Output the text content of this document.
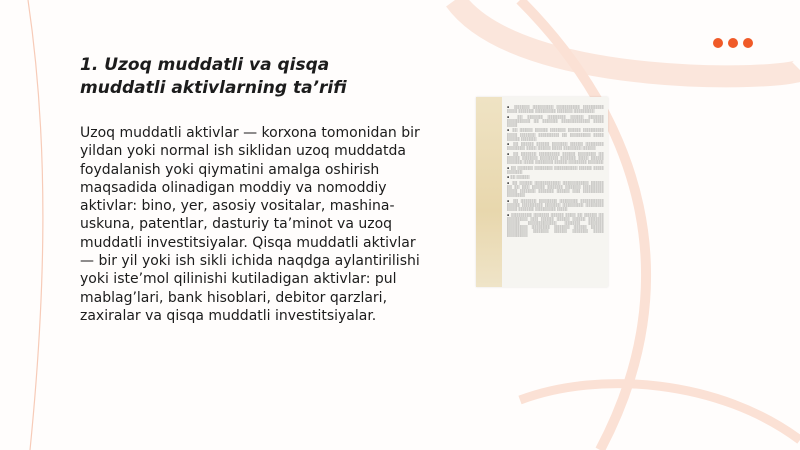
1. Uzoq muddatli va qisqa muddatli aktivlarning ta’rifi

Uzoq muddatli aktivlar — korxona tomonidan bir yildan yoki normal ish siklidan uzoq muddatda foydalanish yoki qiymatini amalga oshirish maqsadida olinadigan moddiy va nomoddiy aktivlar: bino, yer, asosiy vositalar, mashina-uskuna, patentlar, dasturiy ta’minot va uzoq muddatli investitsiyalar. Qisqa muddatli aktivlar — bir yil yoki ish sikli ichida naqdga aylantirilishi yoki iste’mol qilinishi kutiladigan aktivlar: pul mablag’lari, bank hisoblari, debitor qarzlari, zaxiralar va qisqa muddatli investitsiyalar.

▪ ░░░░░░ ░░░░░░░░ ░░░░░░░░░ ░░░░░░░░ ░░░░ ░░░░░░ ░░░░░░░░ ░░░░░░ ░░░░░░░░

▪ ░░ ░░░░░░ ░░░░░░░ ░░░░░ ░░░░░░ ░░░░░░░░░ ░░ ░░░░░░ ░░░░░░░░░░░ ░░░░ ░░░░

▪ ░░ ░░░░░ ░░░░░ ░░░░░░ ░░░░░ ░░░░░░░░ ░░░░ ░░░░░░ ░░░░░░░░ ░░ ░░░░░░░░ ░░░░ ░░░░░ ░░░░░░

▪ ░░ ░░░░░ ░░░░░ ░░░░░░ ░░░░░ ░░░░░░░ ░░░░░░░ ░░░░ ░░░░░ ░░░░ ░░░░░░░ ░░░░░

▪ ░░ ░░░░░░ ░░░░░░░░ ░░░░░ ░░░░░░░ ░░ ░░░░░ ░░░░░░ ░░░░░░░ ░░░░░░ ░░░░ ░░░░░ ░░░░░░ ░░░░ ░░░░░░░ ░░░░░ ░░░░░░░ ░░░░░░

▪ ░░ ░░░░░░ ░░░░░░░ ░░░░░░░░░ ░░░░░ ░░░░ ░░░░░░

▪ ░░ ░░░░░

▪ ░░ ░░░░░ ░░░░░░░░░░ ░░░░░░░░░░ ░░░░░ ░░ ░░ ░░░ ░░░░░ ░░░░░░ ░░░░░░ ░░░░░░░░ ░░░░ ░░░░░░ ░░░░░░ ░░░░░ ░░░ ░░░░░░░░ ░░░░░░░

▪ ░░ ░░░░░░ ░░░░░░░ ░░░░░░░ ░░░░░░░░░ ░░░░░ ░░░░░░░░ ░░░░░░ ░░░░░░░░ ░░░░░░░ ░░░░ ░░░░░░ ░░░░░░░░ ░░░░

▪ ░░░░░░░░ ░░░░░░ ░░░░░ ░░░░ ░░ ░░░░░ ░░ ░░░░░░░░ ░░░ ░░░░░ ░░░░░ ░░░░░ ░░░░░░ ░░░░░ ░░░░░░░░░░░ ░░░░░░ ░░░░░░ ░░░░░░░░ ░░░░░░░ ░░░░░░ ░░░░░ ░░░░░ ░░░░░░░░ ░░░░░░ ░░░░░ ░░░░░░ ░░░░ ░░░░░░░░
